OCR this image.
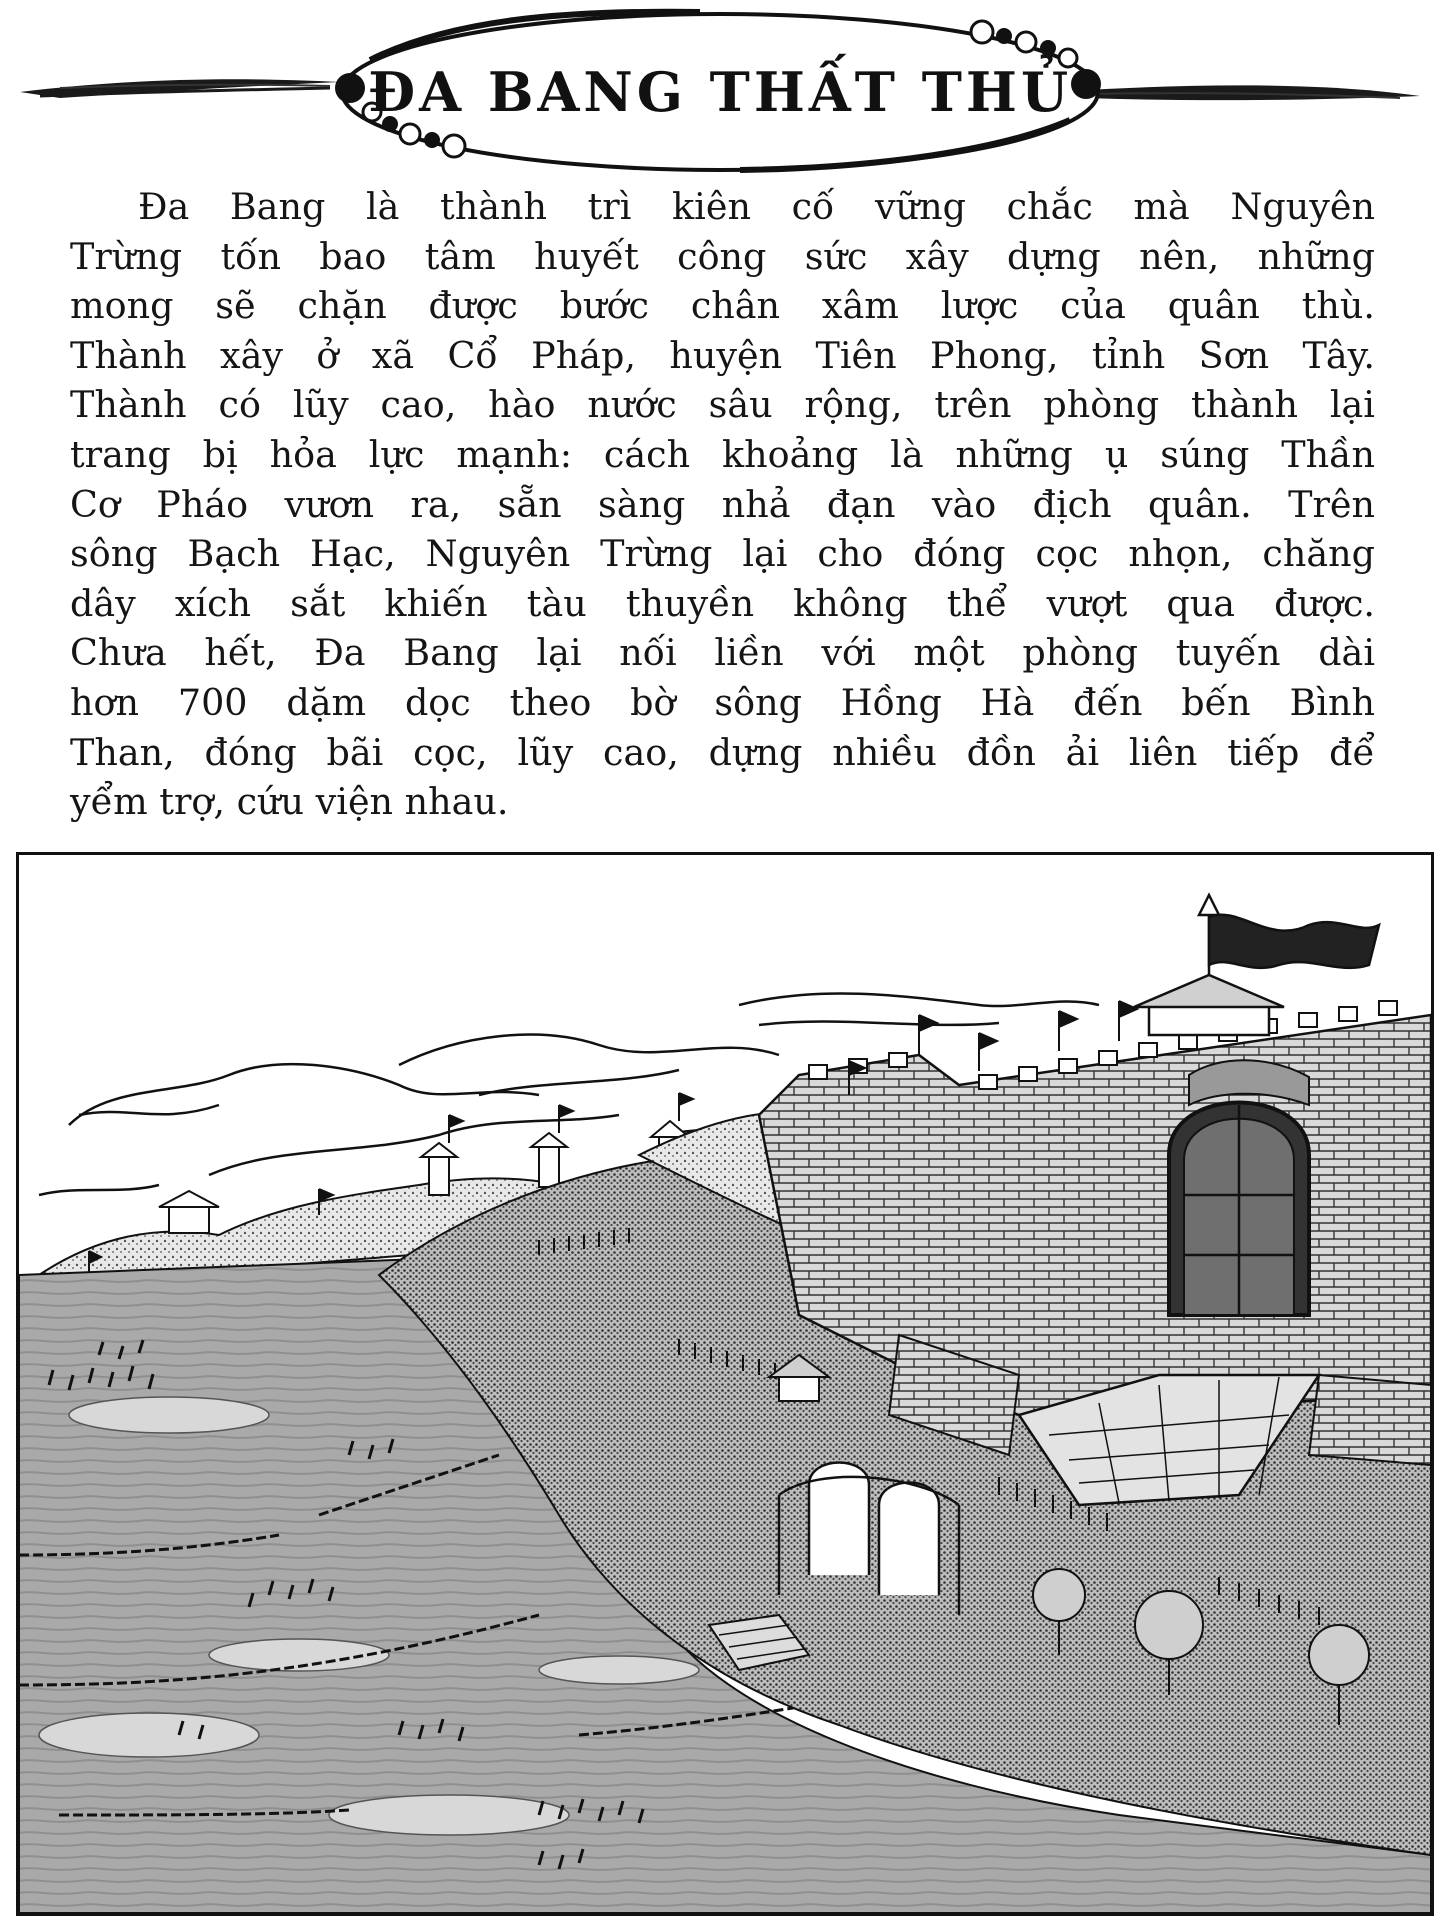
ĐA BANG THẤT THỦ

Đa Bang là thành trì kiên cố vững chắc mà Nguyên
Trừng tốn bao tâm huyết công sức xây dựng nên, những
mong sẽ chặn được bước chân xâm lược của quân thù.
Thành xây ở xã Cổ Pháp, huyện Tiên Phong, tỉnh Sơn Tây.
Thành có lũy cao, hào nước sâu rộng, trên phòng thành lại
trang bị hỏa lực mạnh: cách khoảng là những ụ súng Thần
Cơ Pháo vươn ra, sẵn sàng nhả đạn vào địch quân. Trên
sông Bạch Hạc, Nguyên Trừng lại cho đóng cọc nhọn, chăng
dây xích sắt khiến tàu thuyền không thể vượt qua được.
Chưa hết, Đa Bang lại nối liền với một phòng tuyến dài
hơn 700 dặm dọc theo bờ sông Hồng Hà đến bến Bình
Than, đóng bãi cọc, lũy cao, dựng nhiều đồn ải liên tiếp để
yểm trợ, cứu viện nhau.
